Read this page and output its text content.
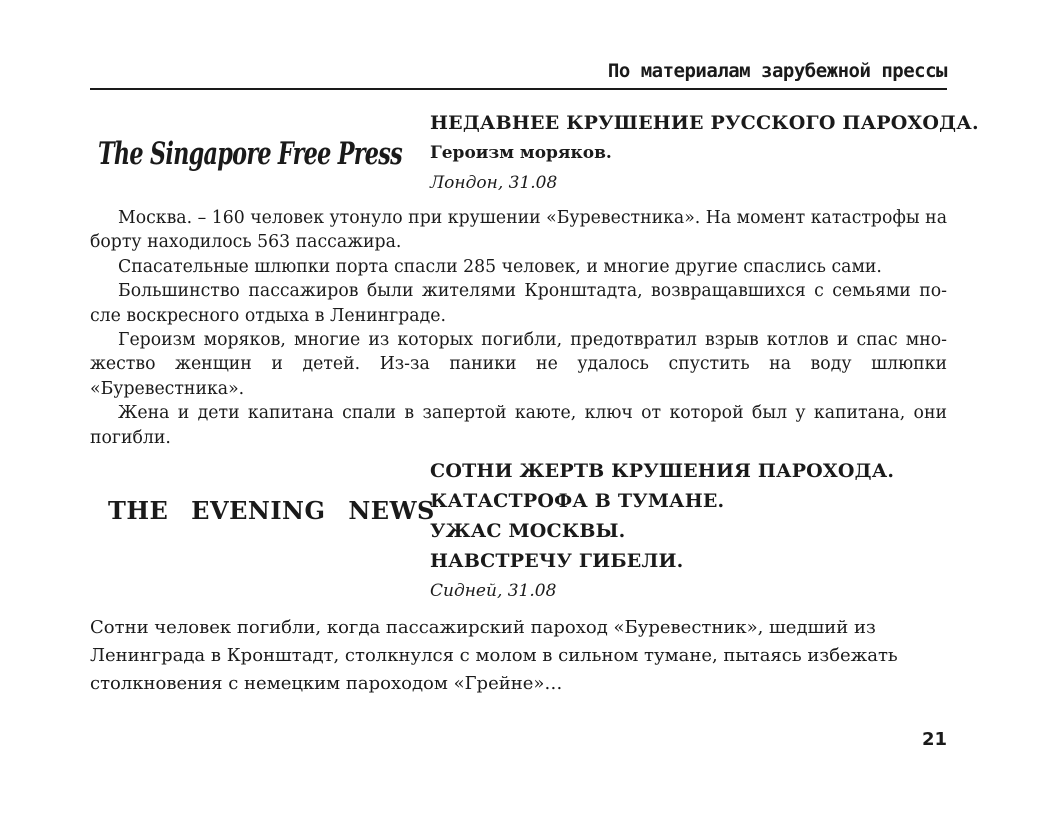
По материалам зарубежной прессы
The Singapore Free Press
НЕДАВНЕЕ КРУШЕНИЕ РУССКОГО ПАРОХОДА.
Героизм моряков.
Лондон, 31.08

Москва. – 160 человек утонуло при крушении «Буревестника». На момент катастрофы на борту находилось 563 пассажира.

Спасательные шлюпки порта спасли 285 человек, и многие другие спаслись сами.

Большинство пассажиров были жителями Кронштадта, возвращавшихся с семьями после воскресного отдыха в Ленинграде.

Героизм моряков, многие из которых погибли, предотвратил взрыв котлов и спас множество женщин и детей. Из-за паники не удалось спустить на воду шлюпки «Буревестника».

Жена и дети капитана спали в запертой каюте, ключ от которой был у капитана, они погибли.

THE EVENING NEWS
СОТНИ ЖЕРТВ КРУШЕНИЯ ПАРОХОДА.
КАТАСТРОФА В ТУМАНЕ.
УЖАС МОСКВЫ.
НАВСТРЕЧУ ГИБЕЛИ.
Сидней, 31.08

Сотни человек погибли, когда пассажирский пароход «Буревестник», шедший из Ленинграда в Кронштадт, столкнулся с молом в сильном тумане, пытаясь избежать столкновения с немецким пароходом «Грейне»…

21
